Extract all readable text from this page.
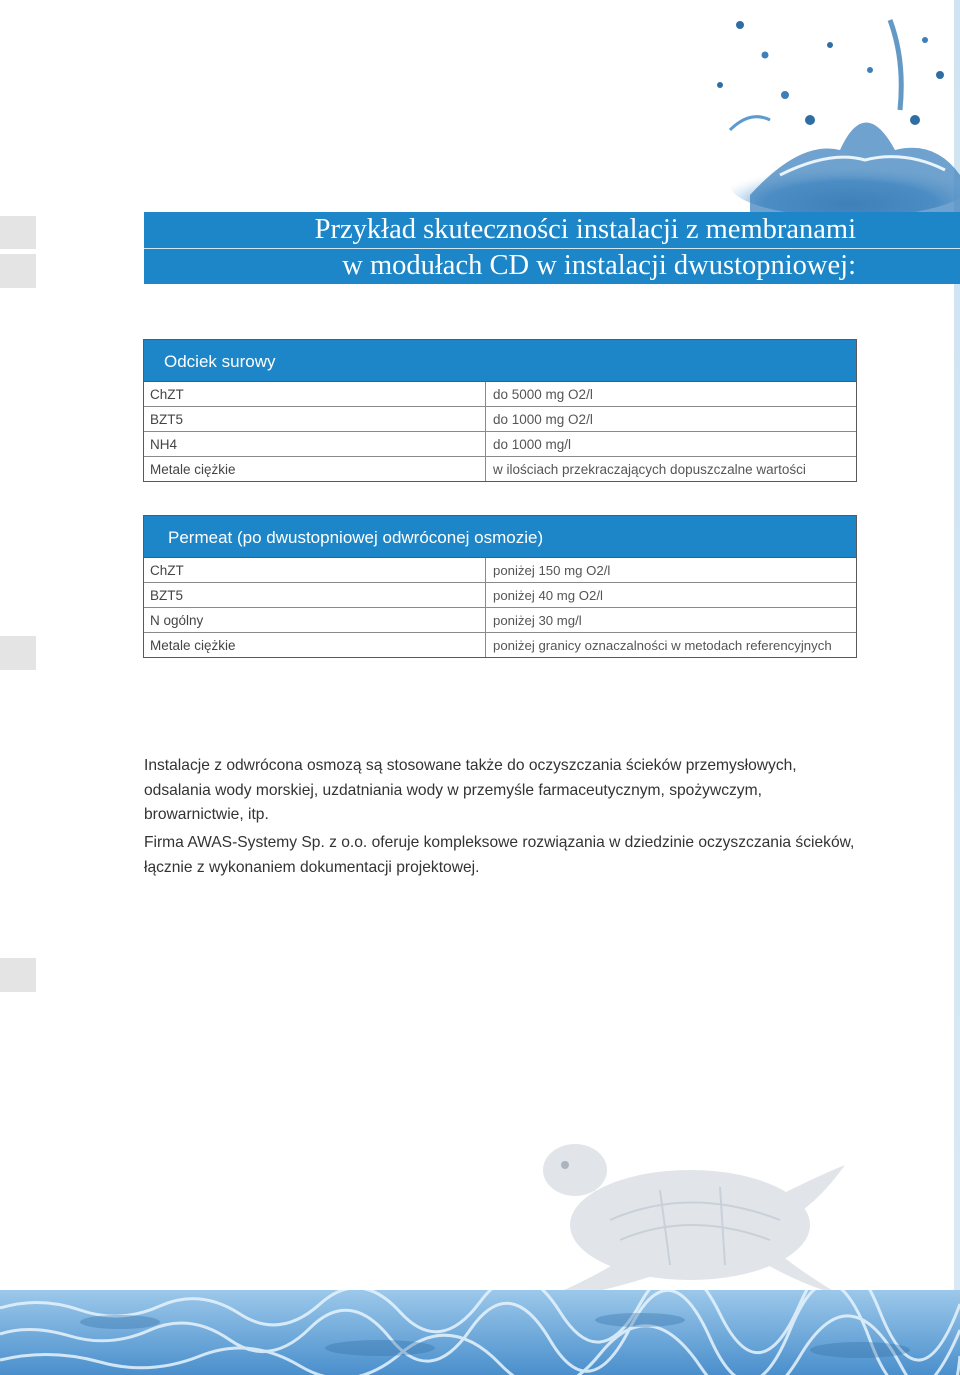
Przykład skuteczności instalacji z membranami
w modułach CD w instalacji dwustopniowej:
Odciek surowy
ChZT	do 5000 mg O2/l
BZT5	do 1000 mg O2/l
NH4	do 1000 mg/l
Metale ciężkie	w ilościach przekraczających dopuszczalne wartości
Permeat (po dwustopniowej odwróconej osmozie)
ChZT	poniżej 150 mg O2/l
BZT5	poniżej 40 mg O2/l
N ogólny	poniżej 30 mg/l
Metale ciężkie	poniżej granicy oznaczalności w metodach referencyjnych

Instalacje z odwrócona osmozą są stosowane także do oczyszczania ścieków przemysłowych, odsalania wody morskiej, uzdatniania wody w przemyśle farmaceutycznym, spożywczym, browarnictwie, itp.

Firma AWAS-Systemy Sp. z o.o. oferuje kompleksowe rozwiązania w dziedzinie oczyszczania ścieków, łącznie z wykonaniem dokumentacji projektowej.
